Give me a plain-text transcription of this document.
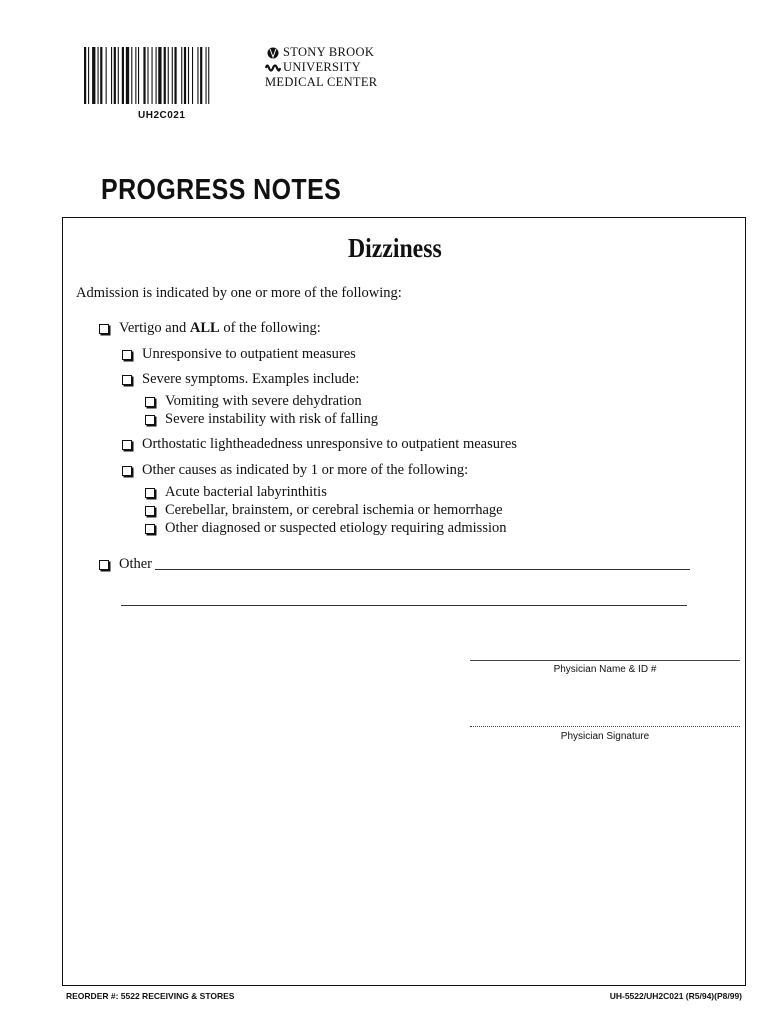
UH2C021
STONY BROOK
UNIVERSITY
MEDICAL CENTER
PROGRESS NOTES
Dizziness
Admission is indicated by one or more of the following:
Vertigo and ALL of the following:
Unresponsive to outpatient measures
Severe symptoms. Examples include:
Vomiting with severe dehydration
Severe instability with risk of falling
Orthostatic lightheadedness unresponsive to outpatient measures
Other causes as indicated by 1 or more of the following:
Acute bacterial labyrinthitis
Cerebellar, brainstem, or cerebral ischemia or hemorrhage
Other diagnosed or suspected etiology requiring admission
Other
Physician Name & ID #
Physician Signature
REORDER #: 5522 RECEIVING & STORES	UH-5522/UH2C021 (R5/94)(P8/99)
